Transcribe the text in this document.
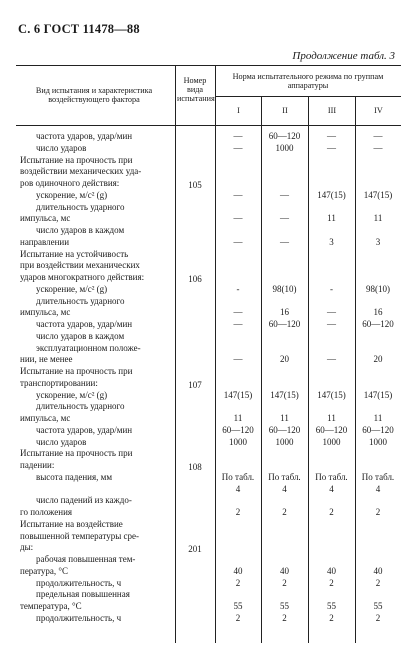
С. 6 ГОСТ 11478—88
Продолжение табл. 3
Вид испытания и характеристика воздействующего фактора
Номер вида испытания
Норма испытательного режима по группам аппаратуры
I	II	III	IV
частота ударов, удар/мин	—	60—120	—	—
число ударов	—	1000	—	—
Испытание на прочность при
воздействии механических уда-
ров одиночного действия:	105
ускорение, м/с² (g)	—	—	147(15)	147(15)
длительность ударного
импульса, мс	—	—	11	11
число ударов в каждом
направлении	—	—	3	3
Испытание на устойчивость
при воздействии механических
ударов многократного действия:	106
ускорение, м/с² (g)	-	98(10)	-	98(10)
длительность ударного
импульса, мс	—	16	—	16
частота ударов, удар/мин	—	60—120	—	60—120
число ударов в каждом
эксплуатационном положе-
нии, не менее	—	20	—	20
Испытание на прочность при
транспортировании:	107
ускорение, м/с² (g)	147(15)	147(15)	147(15)	147(15)
длительность ударного
импульса, мс	11	11	11	11
частота ударов, удар/мин	60—120	60—120	60—120	60—120
число ударов	1000	1000	1000	1000
Испытание на прочность при
падении:	108
высота падения, мм	По табл.	По табл.	По табл.	По табл.
4	4	4	4
число падений из каждо-
го положения	2	2	2	2
Испытание на воздействие
повышенной температуры сре-
ды:	201
рабочая повышенная тем-
пература, °С	40	40	40	40
продолжительность, ч	2	2	2	2
предельная повышенная
температура, °С	55	55	55	55
продолжительность, ч	2	2	2	2
